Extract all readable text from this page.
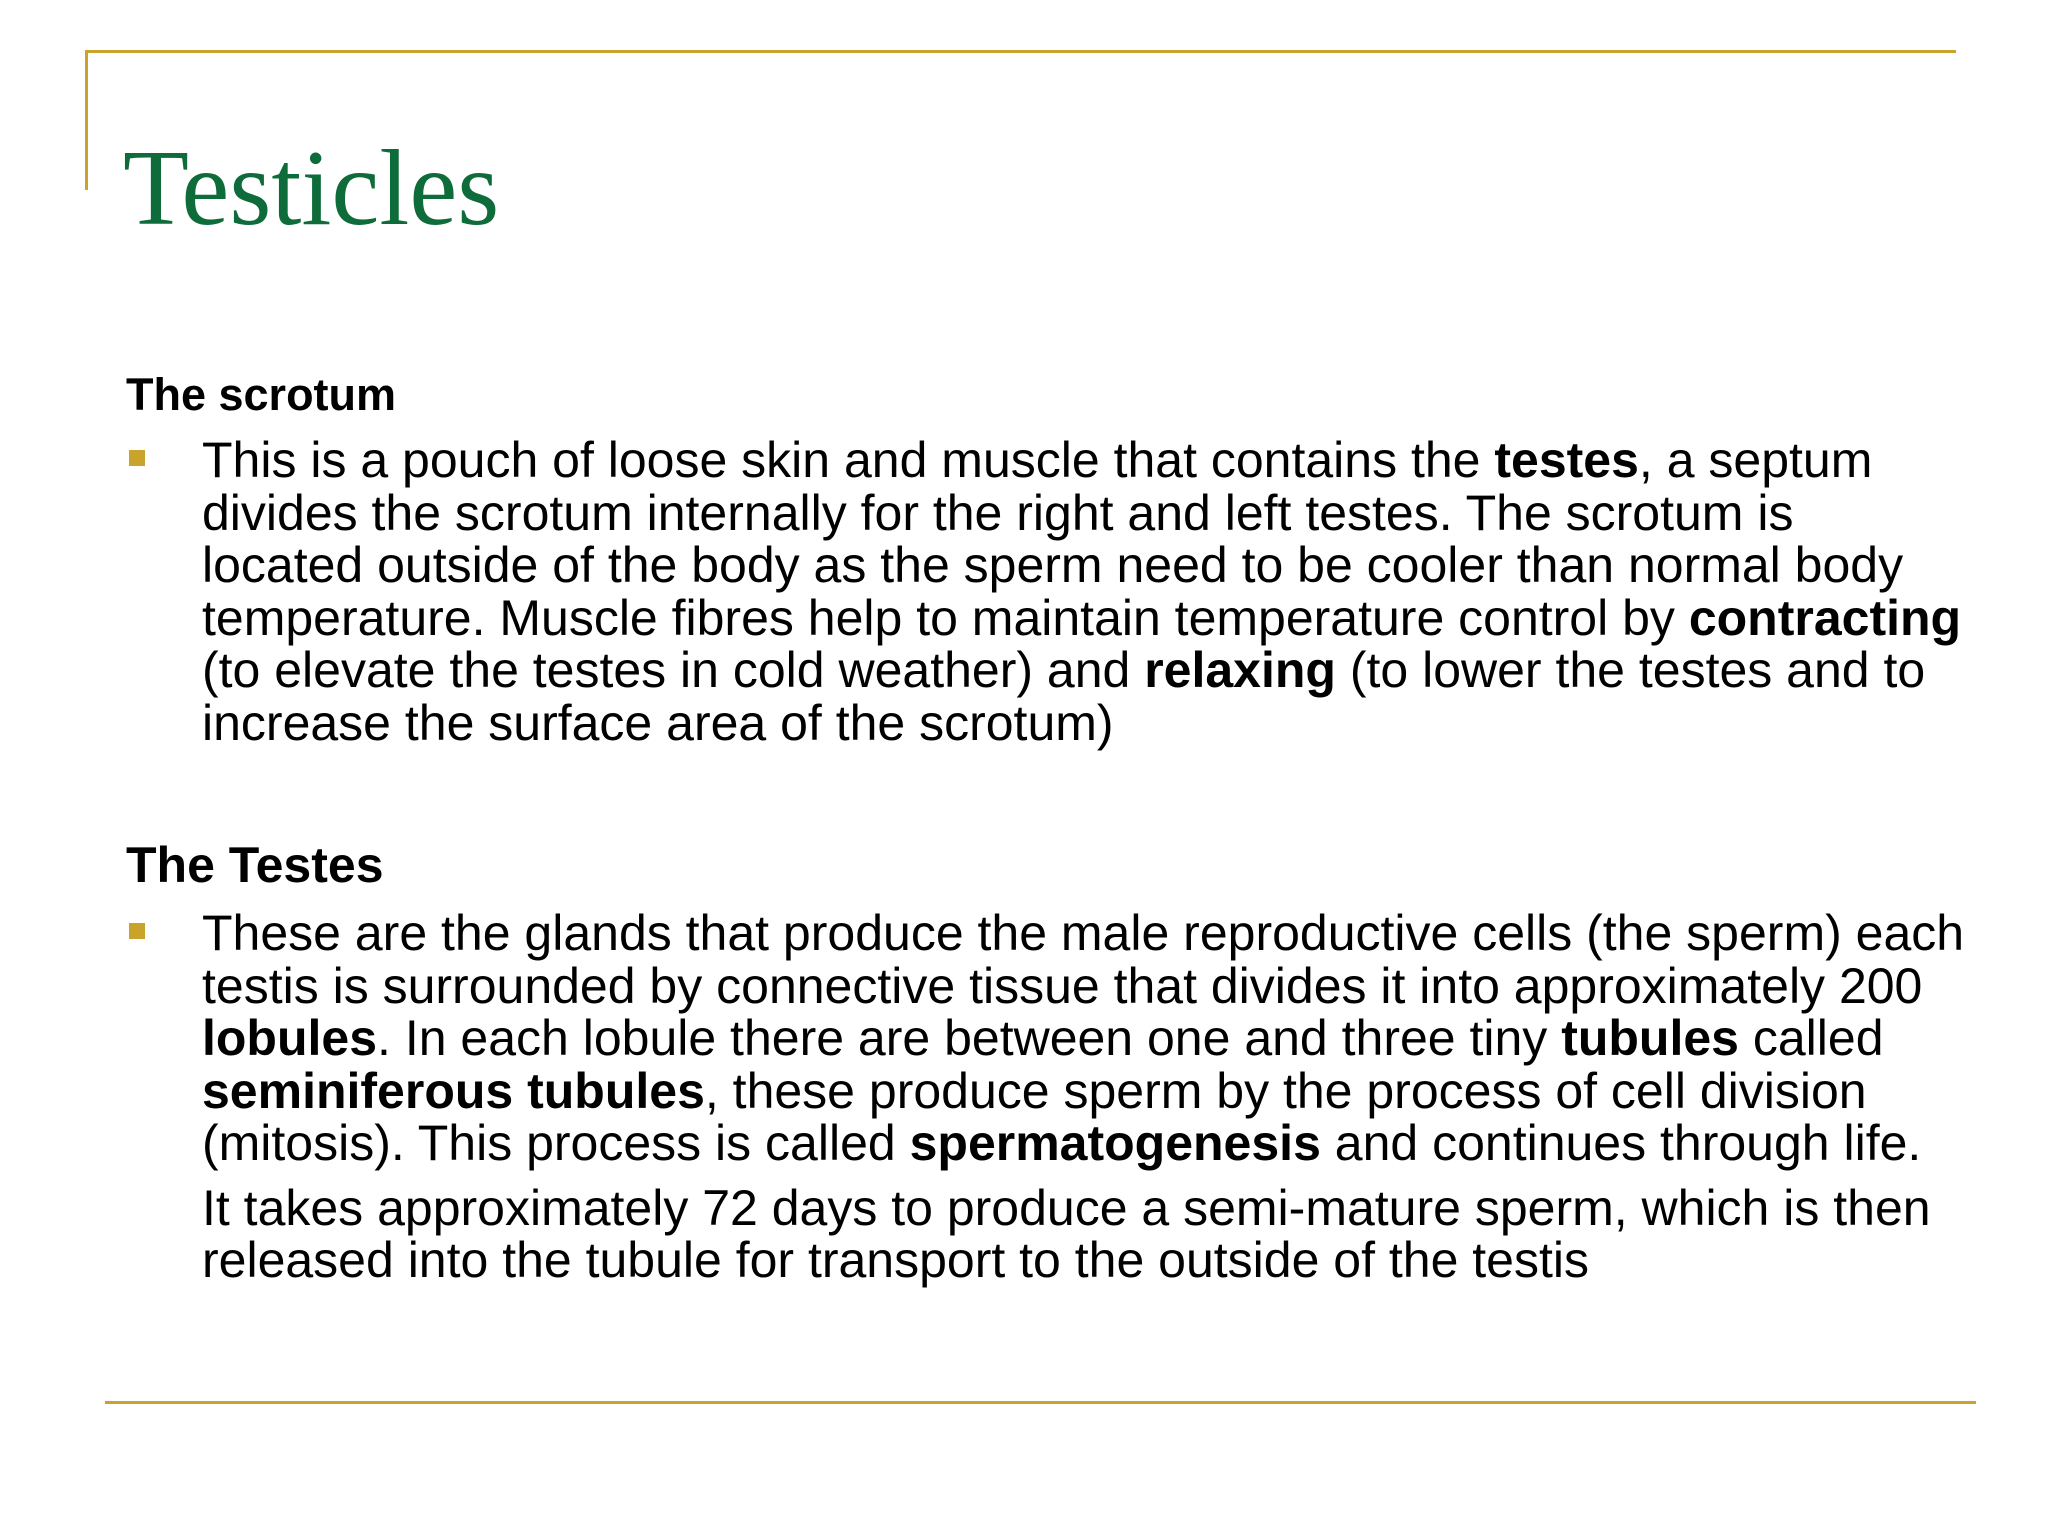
Testicles
The scrotum

This is a pouch of loose skin and muscle that contains the testes, a septum divides the scrotum internally for the right and left testes. The scrotum is located outside of the body as the sperm need to be cooler than normal body temperature. Muscle fibres help to maintain temperature control by contracting (to elevate the testes in cold weather) and relaxing (to lower the testes and to increase the surface area of the scrotum)

The Testes

These are the glands that produce the male reproductive cells (the sperm) each testis is surrounded by connective tissue that divides it into approximately 200 lobules. In each lobule there are between one and three tiny tubules called seminiferous tubules, these produce sperm by the process of cell division (mitosis). This process is called spermatogenesis and continues through life.

It takes approximately 72 days to produce a semi-mature sperm, which is then released into the tubule for transport to the outside of the testis
